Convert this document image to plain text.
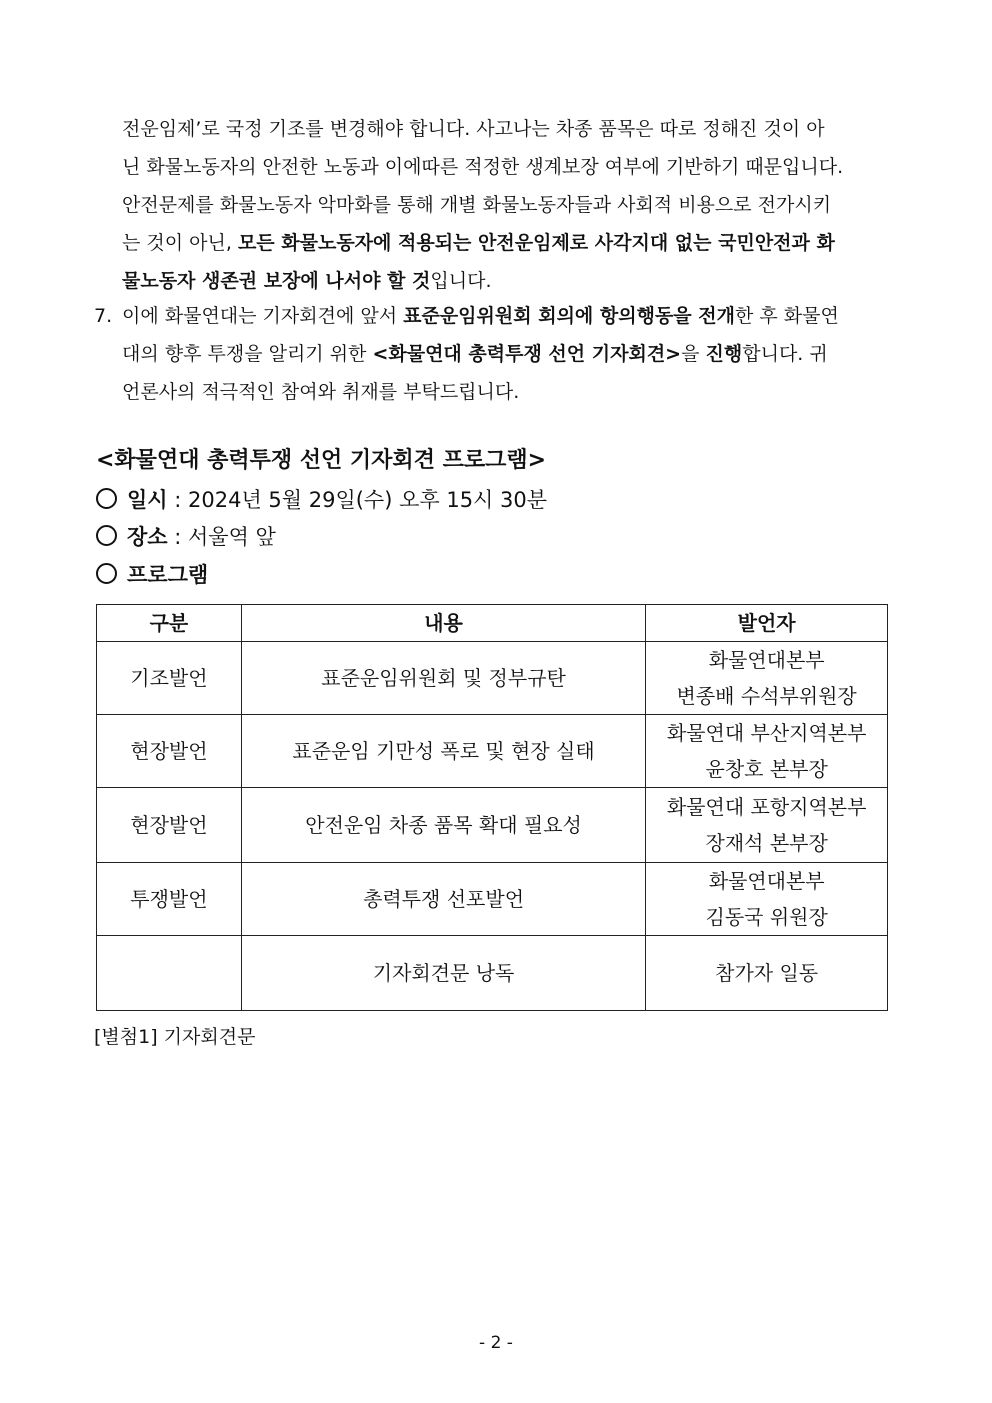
전운임제’로 국정 기조를 변경해야 합니다. 사고나는 차종 품목은 따로 정해진 것이 아
닌 화물노동자의 안전한 노동과 이에따른 적정한 생계보장 여부에 기반하기 때문입니다.
안전문제를 화물노동자 악마화를 통해 개별 화물노동자들과 사회적 비용으로 전가시키
는 것이 아닌, 모든 화물노동자에 적용되는 안전운임제로 사각지대 없는 국민안전과 화
물노동자 생존권 보장에 나서야 할 것입니다.
7. 이에 화물연대는 기자회견에 앞서 표준운임위원회 회의에 항의행동을 전개한 후 화물연
대의 향후 투쟁을 알리기 위한 <화물연대 총력투쟁 선언 기자회견>을 진행합니다. 귀
언론사의 적극적인 참여와 취재를 부탁드립니다.
<화물연대 총력투쟁 선언 기자회견 프로그램>
일시 : 2024년 5월 29일(수) 오후 15시 30분
장소 : 서울역 앞
프로그램
구분	내용	발언자
기조발언	표준운임위원회 및 정부규탄	화물연대본부
변종배 수석부위원장

현장발언	표준운임 기만성 폭로 및 현장 실태	화물연대 부산지역본부
윤창호 본부장

현장발언	안전운임 차종 품목 확대 필요성	화물연대 포항지역본부
장재석 본부장

투쟁발언	총력투쟁 선포발언	화물연대본부
김동국 위원장

	기자회견문 낭독	참가자 일동
[별첨1] 기자회견문
- 2 -
